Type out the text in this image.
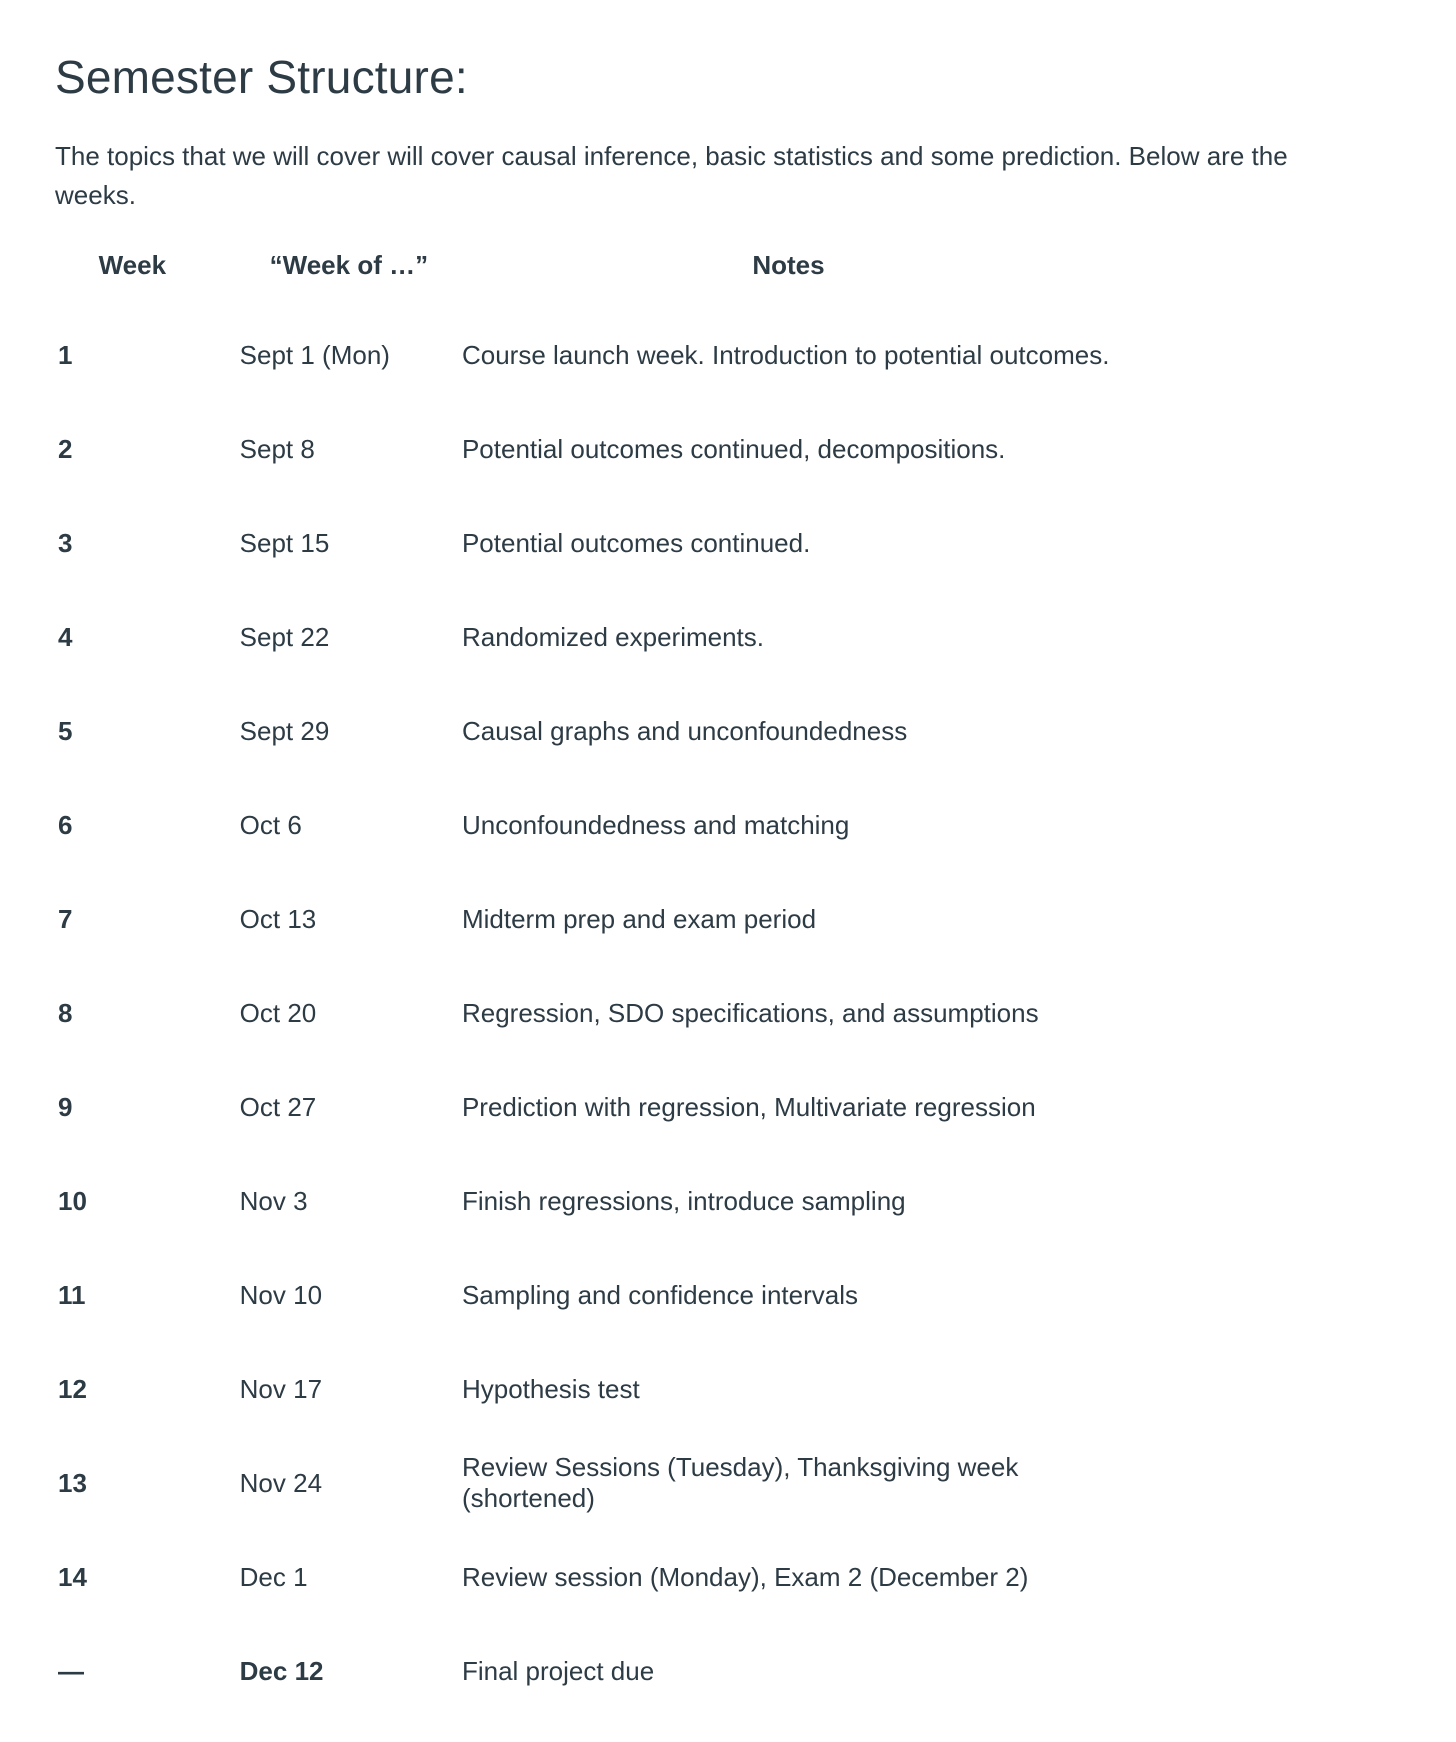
Semester Structure:

The topics that we will cover will cover causal inference, basic statistics and some prediction. Below are the weeks.

Week	“Week of …”	Notes
1	Sept 1 (Mon)	Course launch week. Introduction to potential outcomes.
2	Sept 8	Potential outcomes continued, decompositions.
3	Sept 15	Potential outcomes continued.
4	Sept 22	Randomized experiments.
5	Sept 29	Causal graphs and unconfoundedness
6	Oct 6	Unconfoundedness and matching
7	Oct 13	Midterm prep and exam period
8	Oct 20	Regression, SDO specifications, and assumptions
9	Oct 27	Prediction with regression, Multivariate regression
10	Nov 3	Finish regressions, introduce sampling
11	Nov 10	Sampling and confidence intervals
12	Nov 17	Hypothesis test
13	Nov 24	Review Sessions (Tuesday), Thanksgiving week (shortened)
14	Dec 1	Review session (Monday), Exam 2 (December 2)
—	Dec 12	Final project due
